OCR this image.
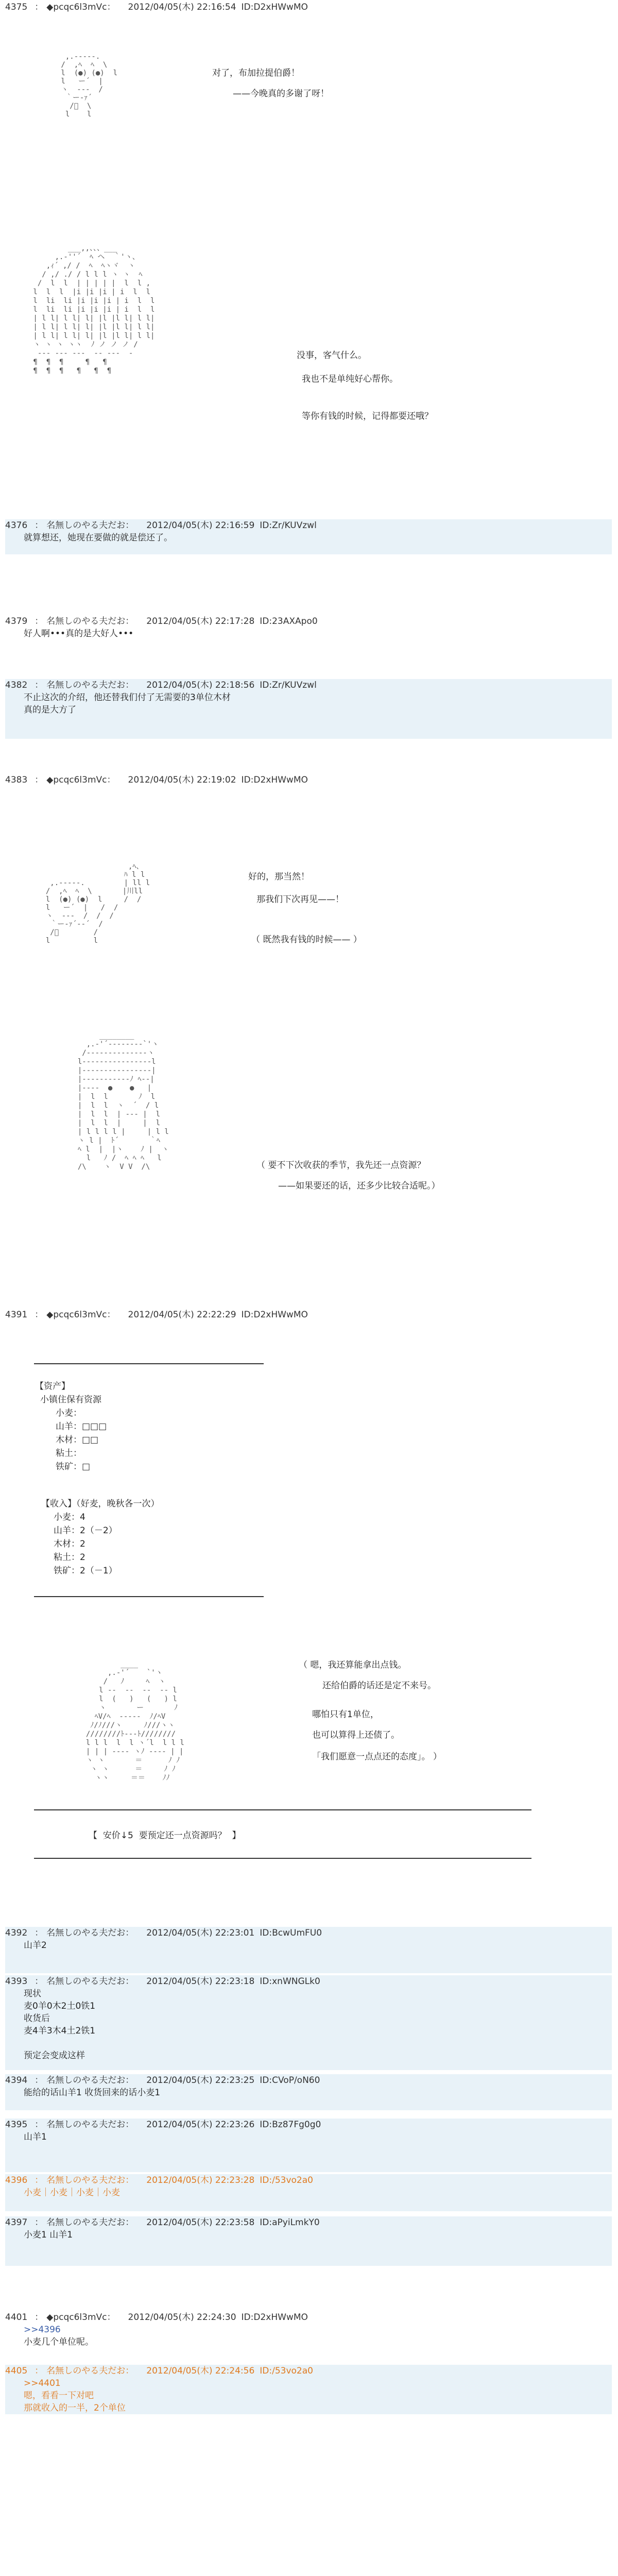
4375 ： ◆pcqc6l3mVc： 2012/04/05(木) 22:16:54 ID:D2xHWwMO
,.--‐‐-.
/  ,ﾍ  ﾍ  \
l  (●) (●)  l
l   ー´  |
ヽ  ‐‐‐  /
｀ー‐ｧ´
/ﾞ  \
l    l
对了，布加拉提伯爵！
——今晚真的多谢了呀！
___,,、、、___
,.-''´  ﾍ ヘ  ｀'ヽ、
,ｨ´ ,/ /  ﾍ  ﾍヽヾ  ヽ
/ ,/ ./ / l l l ヽ ヽ  ﾍ
/  l  l  | | | | |  l  l ,
l  l  l  |i |i |i | i  l  l
l  li  li |i |i |i | i  l  l
l  li  li |i |i |i | i  l  l
| l l| l l| l| |l |l l| l l|
| l l| l l| l| |l |l l| l l|
| l l| l l| l| |l |l l| l l|
ヽ ヽ ヽ ヽヽ  ﾉ ノ ノ ノ /
‐‐‐ ‐‐‐ ‐‐‐  ‐‐ ‐‐‐  ‐
¶  ¶  ¶     ¶   ¶
¶  ¶  ¶   ¶   ¶  ¶
没事，客气什么。
我也不是单纯好心帮你。
等你有钱的时候，记得都要还哦？
4376 ： 名無しのやる夫だお： 2012/04/05(木) 22:16:59 ID:Zr/KUVzwl
就算想还，她现在要做的就是偿还了。
4379 ： 名無しのやる夫だお： 2012/04/05(木) 22:17:28 ID:23AXApo0
好人啊•••真的是大好人•••
4382 ： 名無しのやる夫だお： 2012/04/05(木) 22:18:56 ID:Zr/KUVzwl
不止这次的介绍，他还替我们付了无需要的3单位木材
真的是大方了
4383 ： ◆pcqc6l3mVc： 2012/04/05(木) 22:19:02 ID:D2xHWwMO
,ﾍ、
ﾊ l l
,.--‐‐-.         | ll l
/  ,ﾍ  ﾍ  \       |川ll
l  (●) (●)  l     /  /
l   ー´  |   /  /
ヽ  ‐‐‐  /  /  /
｀ー‐ｧ´‐‐´  /
/ﾞ        /
l          l
好的，那当然！
那我们下次再见——！
（ 既然我有钱的时候—— ）
________
,.-'´‐‐‐‐‐‐‐‐`'ヽ
/‐‐‐‐‐‐‐‐‐‐‐‐‐‐ヽ
l‐‐‐‐‐‐‐‐‐‐‐‐‐‐‐‐l
|‐‐‐‐‐‐‐‐‐‐‐‐‐‐‐‐|
|‐‐‐‐‐‐‐‐‐‐‐ﾉ ﾍ‐‐|
|‐‐‐‐  ●    ●   |
|  l  l       ﾉ  l
|  l  l  ヽ  ´  / l
|  l  l  | ‐‐‐ |  l
|  l  l  |     |  l
| l l l l |     | l l
ヽ l |  ﾄ´       ｀ﾍ
ﾍ l  |  |ヽ    ﾉ |  ヽ
l   ﾉ /  ﾍ ﾍ ﾍ   l
/\    ヽ  V V  /\	（ 要不下次收获的季节，我先还一点资源？
——如果要还的话，还多少比较合适呢。）
4391 ： ◆pcqc6l3mVc： 2012/04/05(木) 22:22:29 ID:D2xHWwMO
【资产】
小镇住保有资源
小麦：
山羊：□□□
木材：□□
粘土：
铁矿：□
【收入】（好麦，晚秋各一次）
小麦：4
山羊：2（－2）
木材：2
粘土：2
铁矿：2（－1）
____
,.-'´    `'ヽ
/   ﾉ     ﾍ  ヽ
l ‐‐  ‐‐  ‐‐  ‐‐ l
l  (   )   (   ) l
ヽ       ー       ﾉ
ﾍV/ﾍ  ‐‐‐‐‐  ﾉ/ﾍV
ﾉ/ﾉ///ヽ     ﾉ///ヽヽ
////////ﾄ‐‐‐ﾄ////////
l l l  l  l ヽ´l  l l l
| | | ‐‐‐‐ ヽﾉ ‐‐‐‐ | |
ヽ ヽ       ＝      ﾉ ﾉ
ヽ ヽ      ＝     ﾉ ﾉ
ヽヽ     ＝＝    ﾉﾉ
（ 嗯，我还算能拿出点钱。
还给伯爵的话还是定不来号。
哪怕只有1单位，
也可以算得上还债了。
「我们愿意一点点还的态度」。 ）
【  安价↓5  要预定还一点资源吗？  】
4392 ： 名無しのやる夫だお： 2012/04/05(木) 22:23:01 ID:BcwUmFU0
山羊2
4393 ： 名無しのやる夫だお： 2012/04/05(木) 22:23:18 ID:xnWNGLk0
现状
麦0羊0木2土0铁1
收货后
麦4羊3木4土2铁1

预定会变成这样
4394 ： 名無しのやる夫だお： 2012/04/05(木) 22:23:25 ID:CVoP/oN60
能给的话山羊1 收货回来的话小麦1
4395 ： 名無しのやる夫だお： 2012/04/05(木) 22:23:26 ID:Bz87Fg0g0
山羊1
4396 ： 名無しのやる夫だお： 2012/04/05(木) 22:23:28 ID:/53vo2a0
小麦｜小麦｜小麦｜小麦
4397 ： 名無しのやる夫だお： 2012/04/05(木) 22:23:58 ID:aPyiLmkY0
小麦1 山羊1
4401 ： ◆pcqc6l3mVc： 2012/04/05(木) 22:24:30 ID:D2xHWwMO
>>4396
小麦几个单位呢。
4405 ： 名無しのやる夫だお： 2012/04/05(木) 22:24:56 ID:/53vo2a0
>>4401
嗯，看看一下对吧
那就收入的一半，2个单位
